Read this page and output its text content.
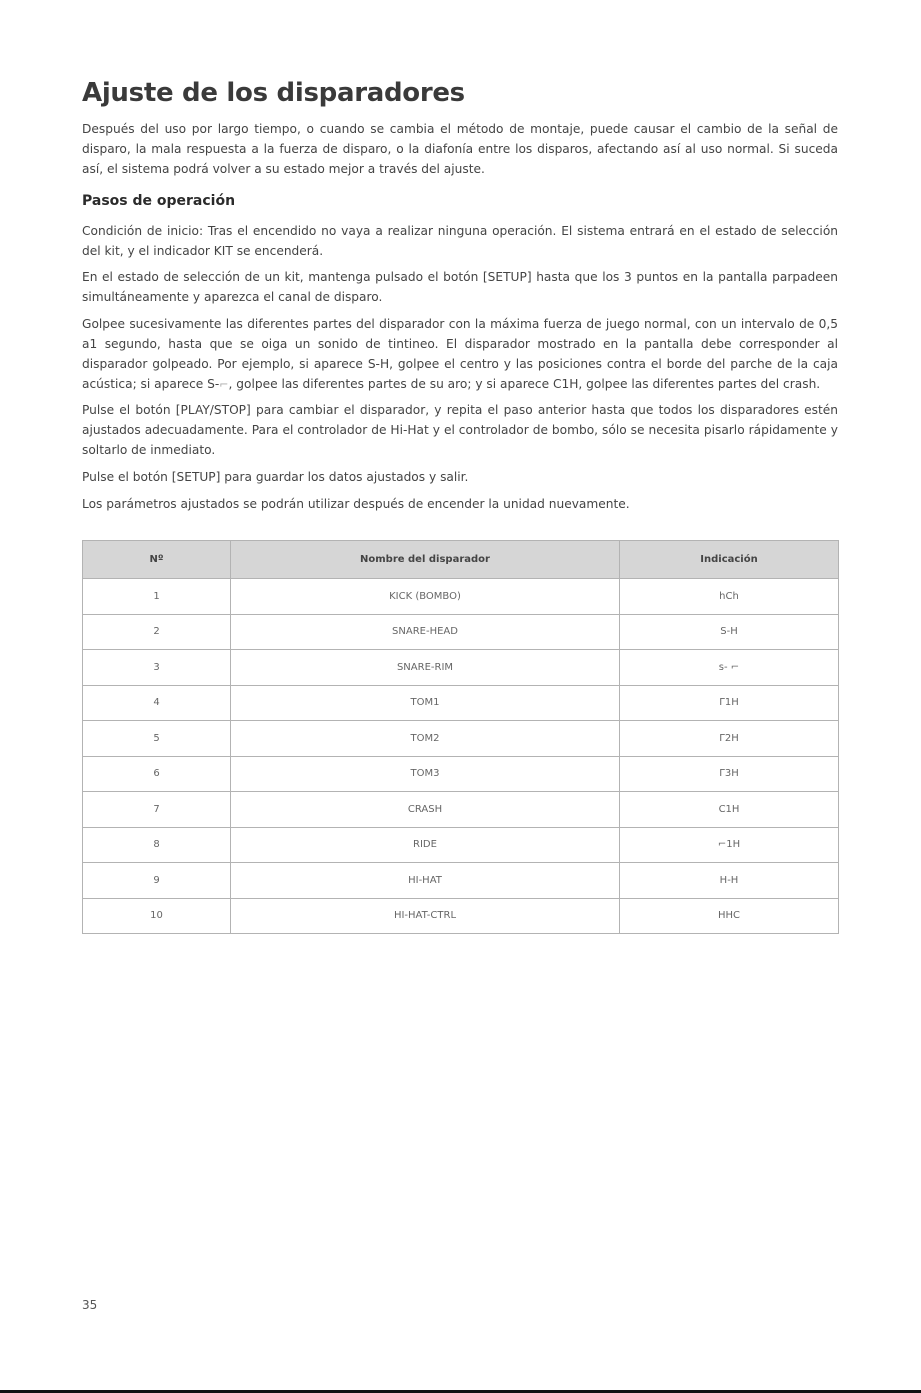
Ajuste de los disparadores

Después del uso por largo tiempo, o cuando se cambia el método de montaje, puede causar el cambio de la señal de disparo, la mala respuesta a la fuerza de disparo, o la diafonía entre los disparos, afectando así al uso normal. Si suceda así, el sistema podrá volver a su estado mejor a través del ajuste.

Pasos de operación

Condición de inicio: Tras el encendido no vaya a realizar ninguna operación. El sistema entrará en el estado de selección del kit, y el indicador KIT se encenderá.

En el estado de selección de un kit, mantenga pulsado el botón [SETUP] hasta que los 3 puntos en la pantalla parpadeen simultáneamente y aparezca el canal de disparo.

Golpee sucesivamente las diferentes partes del disparador con la máxima fuerza de juego normal, con un intervalo de 0,5 a1 segundo, hasta que se oiga un sonido de tintineo. El disparador mostrado en la pantalla debe corresponder al disparador golpeado. Por ejemplo, si aparece S-H, golpee el centro y las posiciones contra el borde del parche de la caja acústica; si aparece S-⌐, golpee las diferentes partes de su aro; y si aparece C1H, golpee las diferentes partes del crash.

Pulse el botón [PLAY/STOP] para cambiar el disparador, y repita el paso anterior hasta que todos los disparadores estén ajustados adecuadamente. Para el controlador de Hi-Hat y el controlador de bombo, sólo se necesita pisarlo rápidamente y soltarlo de inmediato.

Pulse el botón [SETUP] para guardar los datos ajustados y salir.

Los parámetros ajustados se podrán utilizar después de encender la unidad nuevamente.

Nº	Nombre del disparador	Indicación
1	KICK (BOMBO)	hCh
2	SNARE-HEAD	S-H
3	SNARE-RIM	s- ⌐
4	TOM1	Γ1H
5	TOM2	Γ2H
6	TOM3	Γ3H
7	CRASH	C1H
8	RIDE	⌐1H
9	HI-HAT	H-H
10	HI-HAT-CTRL	HHC
35
